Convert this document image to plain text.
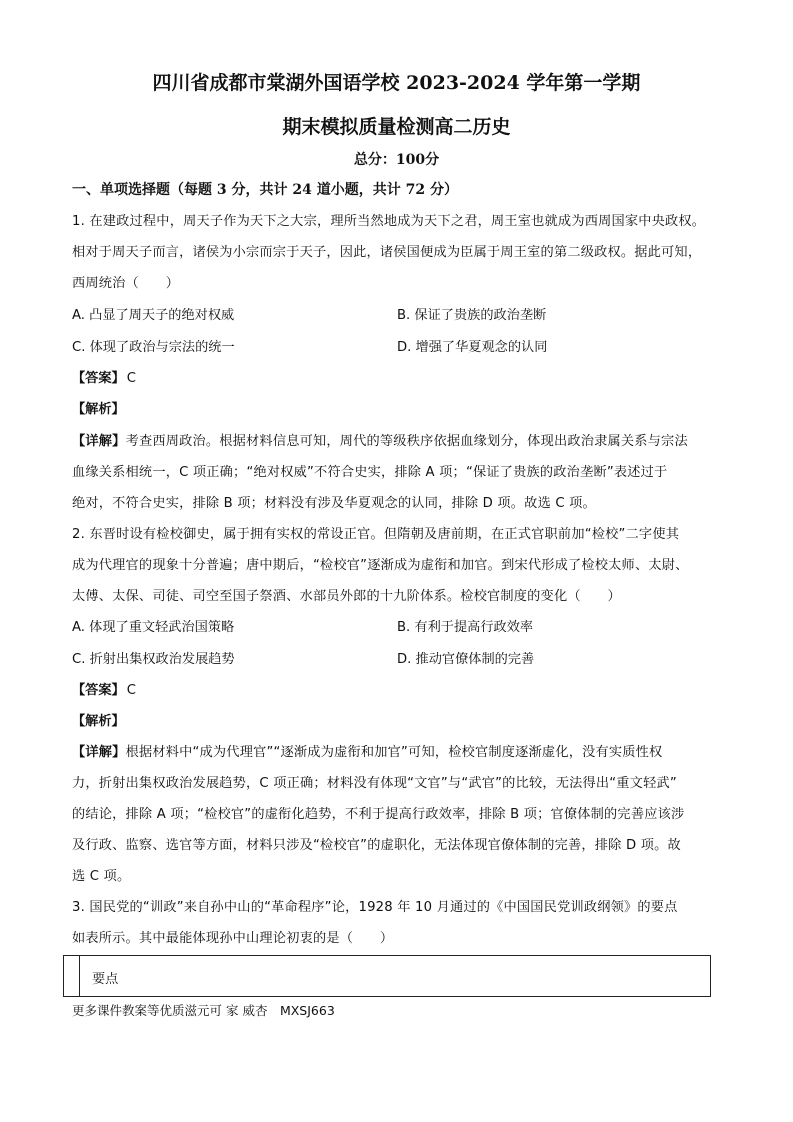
四川省成都市棠湖外国语学校 2023-2024 学年第一学期
期末模拟质量检测高二历史
总分：100分
一、单项选择题（每题 3 分，共计 24 道小题，共计 72 分）
1. 在建政过程中，周天子作为天下之大宗，理所当然地成为天下之君，周王室也就成为西周国家中央政权。
相对于周天子而言，诸侯为小宗而宗于天子，因此，诸侯国便成为臣属于周王室的第二级政权。据此可知，
西周统治（　　）
A. 凸显了周天子的绝对权威	B. 保证了贵族的政治垄断
C. 体现了政治与宗法的统一	D. 增强了华夏观念的认同
【答案】 C
【解析】
【详解】考查西周政治。根据材料信息可知，周代的等级秩序依据血缘划分，体现出政治隶属关系与宗法
血缘关系相统一，C 项正确；“绝对权威”不符合史实，排除 A 项；“保证了贵族的政治垄断”表述过于
绝对，不符合史实，排除 B 项；材料没有涉及华夏观念的认同，排除 D 项。故选 C 项。
2. 东晋时设有检校御史，属于拥有实权的常设正官。但隋朝及唐前期，在正式官职前加“检校”二字使其
成为代理官的现象十分普遍；唐中期后，“检校官”逐渐成为虚衔和加官。到宋代形成了检校太师、太尉、
太傅、太保、司徒、司空至国子祭酒、水部员外郎的十九阶体系。检校官制度的变化（　　）
A. 体现了重文轻武治国策略	B. 有利于提高行政效率
C. 折射出集权政治发展趋势	D. 推动官僚体制的完善
【答案】 C
【解析】
【详解】根据材料中“成为代理官”“逐渐成为虚衔和加官”可知，检校官制度逐渐虚化，没有实质性权
力，折射出集权政治发展趋势，C 项正确；材料没有体现“文官”与“武官”的比较，无法得出“重文轻武”
的结论，排除 A 项；“检校官”的虚衔化趋势，不利于提高行政效率，排除 B 项；官僚体制的完善应该涉
及行政、监察、选官等方面，材料只涉及“检校官”的虚职化，无法体现官僚体制的完善，排除 D 项。故
选 C 项。
3. 国民党的“训政”来自孙中山的“革命程序”论，1928 年 10 月通过的《中国国民党训政纲领》的要点
如表所示。其中最能体现孙中山理论初衷的是（　　）
要点
更多课件教案等优质滋元可 家 威杏　MXSJ663
